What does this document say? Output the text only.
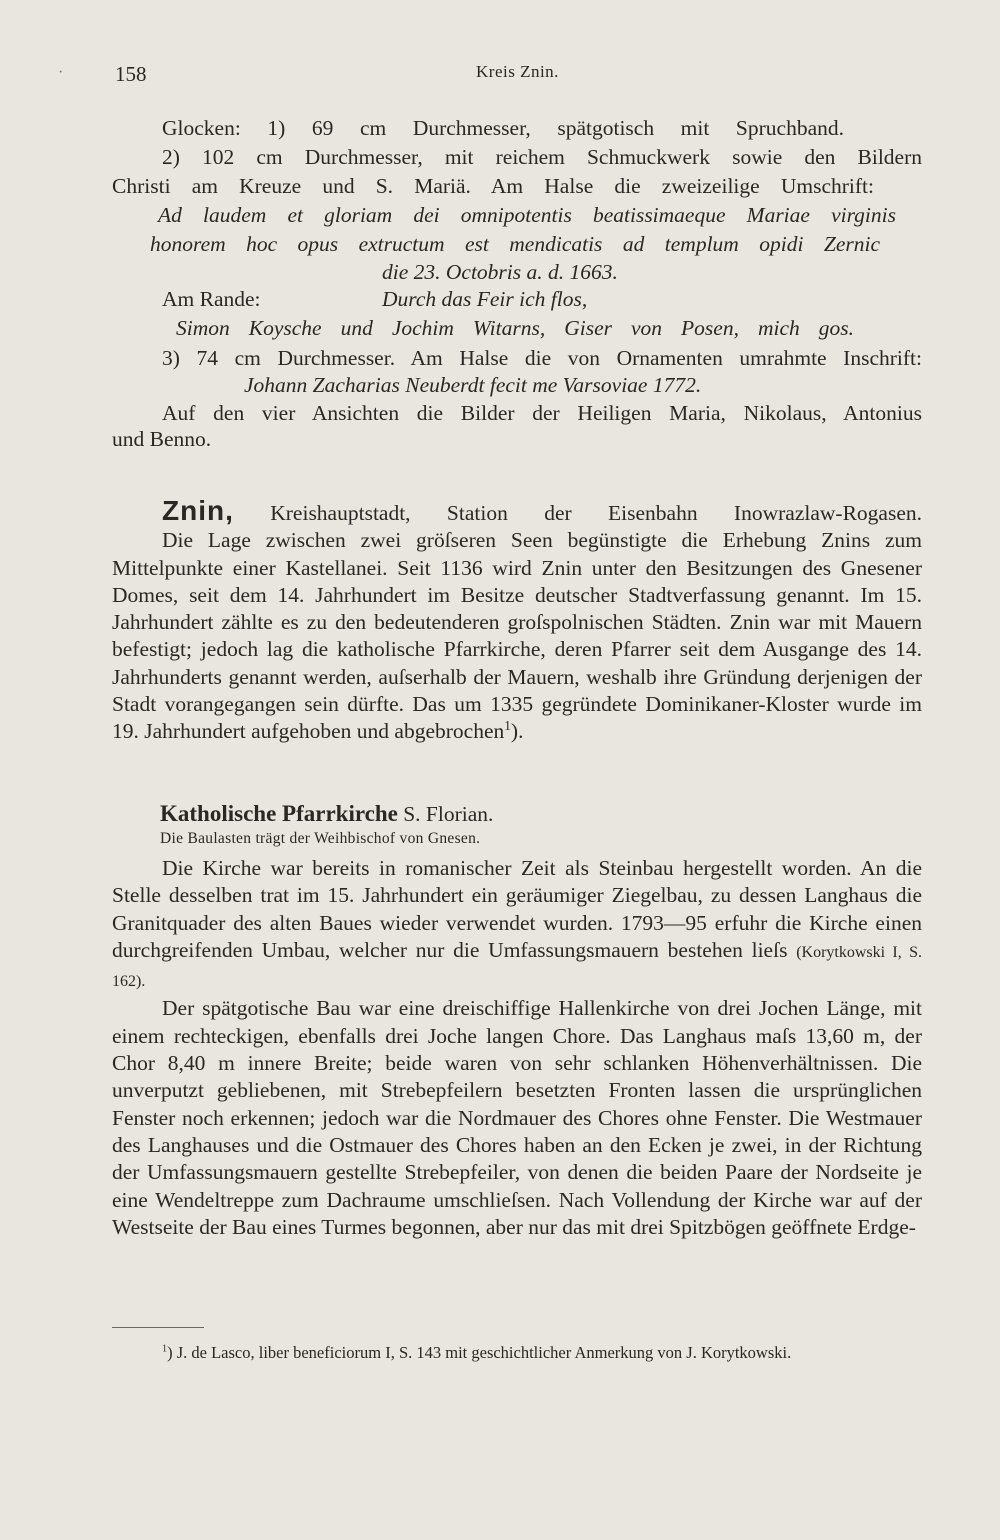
· 158	Kreis Znin.
Glocken: 1) 69 cm Durchmesser, spätgotisch mit Spruchband.
2) 102 cm Durchmesser, mit reichem Schmuckwerk sowie den Bildern
Christi am Kreuze und S. Mariä. Am Halse die zweizeilige Umschrift:
Ad laudem et gloriam dei omnipotentis beatissimaeque Mariae virginis
honorem hoc opus extructum est mendicatis ad templum opidi Zernic
die 23. Octobris a. d. 1663.
Am Rande:	Durch das Feir ich flos,
Simon Koysche und Jochim Witarns, Giser von Posen, mich gos.
3) 74 cm Durchmesser. Am Halse die von Ornamenten umrahmte Inschrift:
Johann Zacharias Neuberdt fecit me Varsoviae 1772.
Auf den vier Ansichten die Bilder der Heiligen Maria, Nikolaus, Antonius
und Benno.

Znin, Kreishauptstadt, Station der Eisenbahn Inowrazlaw-Rogasen.

Die Lage zwischen zwei gröſseren Seen begünstigte die Erhebung Znins zum Mittelpunkte einer Kastellanei. Seit 1136 wird Znin unter den Besitzungen des Gnesener Domes, seit dem 14. Jahrhundert im Besitze deutscher Stadtverfassung genannt. Im 15. Jahrhundert zählte es zu den bedeutenderen groſspolnischen Städten. Znin war mit Mauern befestigt; jedoch lag die katholische Pfarrkirche, deren Pfarrer seit dem Ausgange des 14. Jahrhunderts genannt werden, auſserhalb der Mauern, weshalb ihre Gründung derjenigen der Stadt vorangegangen sein dürfte. Das um 1335 gegründete Dominikaner-Kloster wurde im 19. Jahrhundert aufgehoben und abgebrochen$^1$).

Katholische Pfarrkirche S. Florian.
Die Baulasten trägt der Weihbischof von Gnesen.

Die Kirche war bereits in romanischer Zeit als Steinbau hergestellt worden. An die Stelle desselben trat im 15. Jahrhundert ein geräumiger Ziegelbau, zu dessen Langhaus die Granitquader des alten Baues wieder verwendet wurden. 1793—95 erfuhr die Kirche einen durchgreifenden Umbau, welcher nur die Umfassungsmauern bestehen lieſs (Korytkowski I, S. 162).

Der spätgotische Bau war eine dreischiffige Hallenkirche von drei Jochen Länge, mit einem rechteckigen, ebenfalls drei Joche langen Chore. Das Langhaus maſs 13,60 m, der Chor 8,40 m innere Breite; beide waren von sehr schlanken Höhenverhältnissen. Die unverputzt gebliebenen, mit Strebepfeilern besetzten Fronten lassen die ursprünglichen Fenster noch erkennen; jedoch war die Nordmauer des Chores ohne Fenster. Die Westmauer des Langhauses und die Ostmauer des Chores haben an den Ecken je zwei, in der Richtung der Umfassungsmauern gestellte Strebepfeiler, von denen die beiden Paare der Nordseite je eine Wendeltreppe zum Dachraume umschlieſsen. Nach Vollendung der Kirche war auf der Westseite der Bau eines Turmes begonnen, aber nur das mit drei Spitzbögen geöffnete Erdge-

$^1$) J. de Lasco, liber beneficiorum I, S. 143 mit geschichtlicher Anmerkung von J. Korytkowski.
